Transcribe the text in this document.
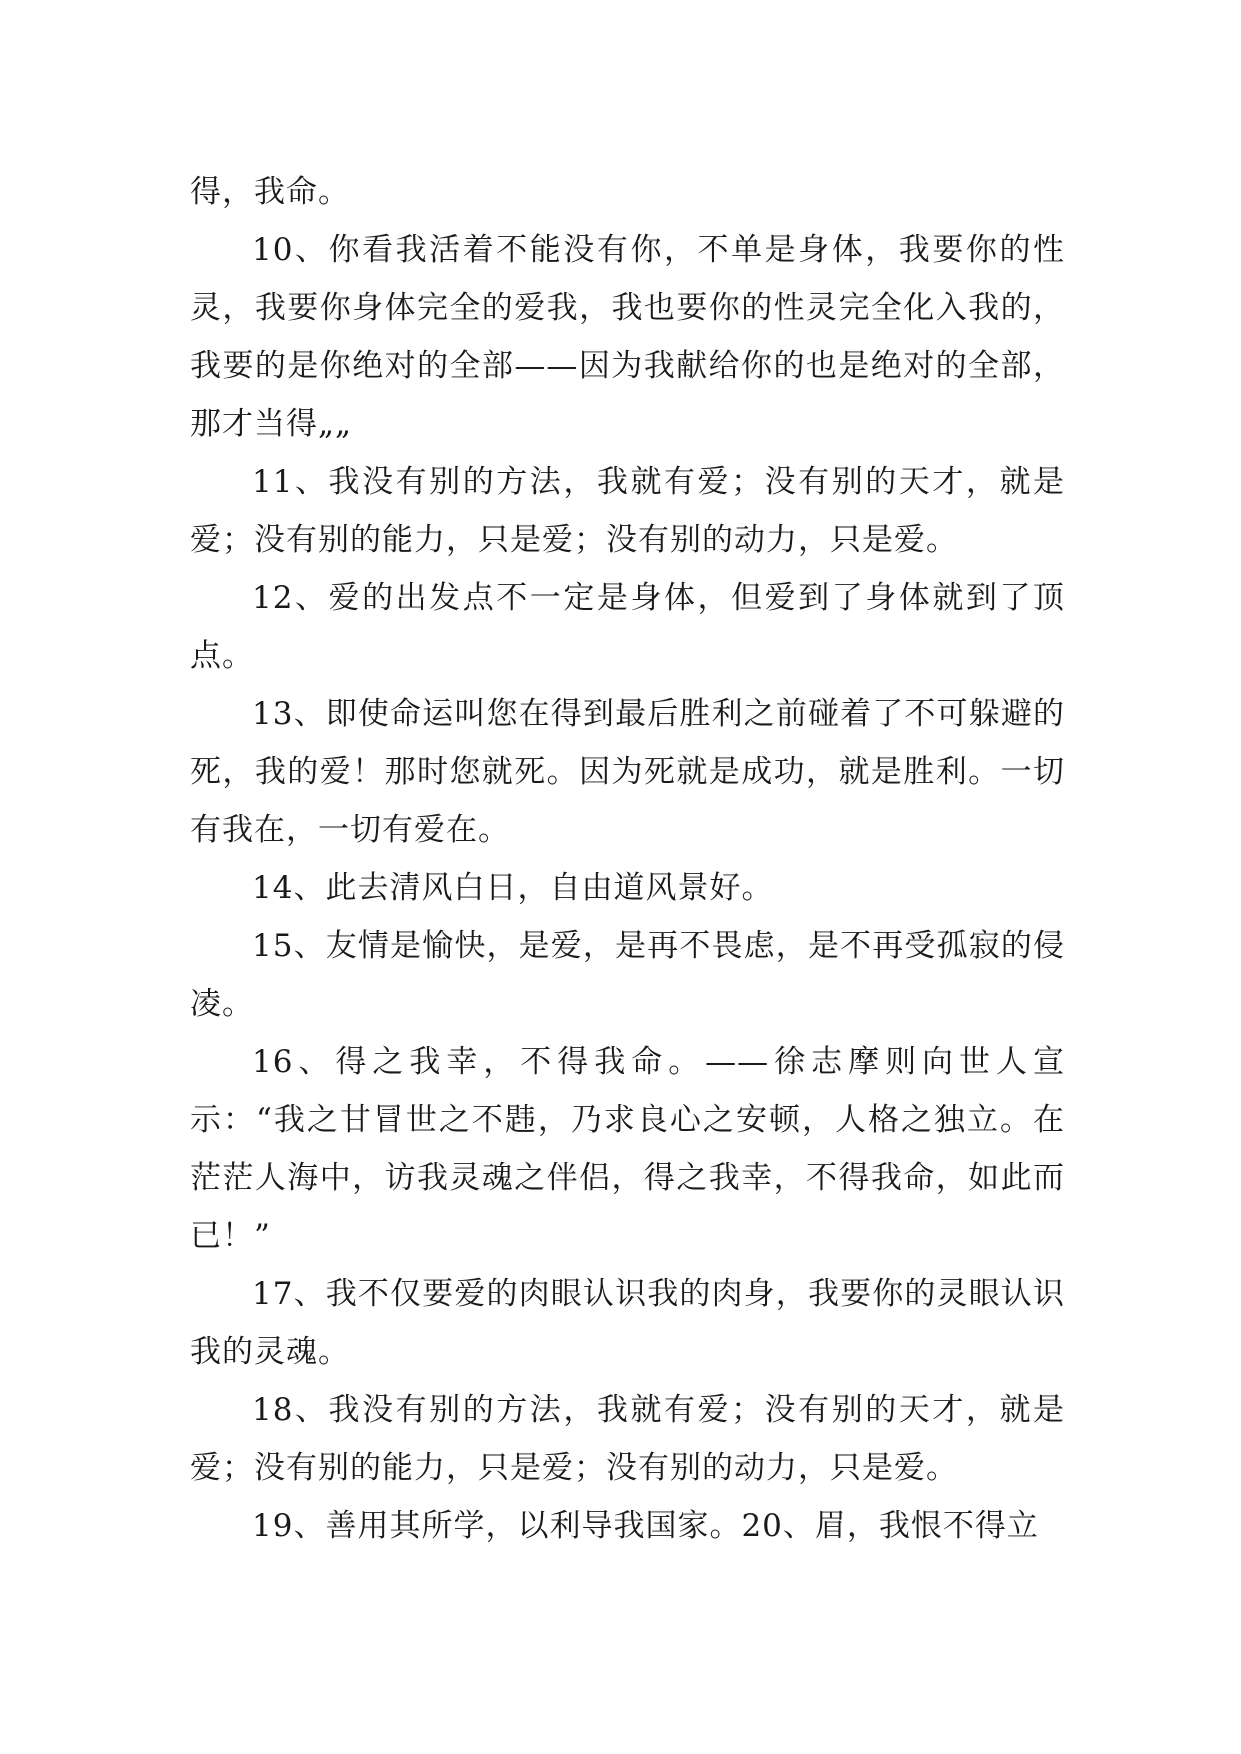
得，我命。

10、你看我活着不能没有你，不单是身体，我要你的性灵，我要你身体完全的爱我，我也要你的性灵完全化入我的，我要的是你绝对的全部——因为我献给你的也是绝对的全部，那才当得„„

11、我没有别的方法，我就有爱；没有别的天才，就是爱；没有别的能力，只是爱；没有别的动力，只是爱。

12、爱的出发点不一定是身体，但爱到了身体就到了顶点。

13、即使命运叫您在得到最后胜利之前碰着了不可躲避的死，我的爱！那时您就死。因为死就是成功，就是胜利。一切有我在，一切有爱在。

14、此去清风白日，自由道风景好。

15、友情是愉快，是爱，是再不畏虑，是不再受孤寂的侵凌。

16、得之我幸，不得我命。——徐志摩则向世人宣示：“我之甘冒世之不韪，乃求良心之安顿，人格之独立。在茫茫人海中，访我灵魂之伴侣，得之我幸，不得我命，如此而已！”

17、我不仅要爱的肉眼认识我的肉身，我要你的灵眼认识我的灵魂。

18、我没有别的方法，我就有爱；没有别的天才，就是爱；没有别的能力，只是爱；没有别的动力，只是爱。

19、善用其所学，以利导我国家。20、眉，我恨不得立
